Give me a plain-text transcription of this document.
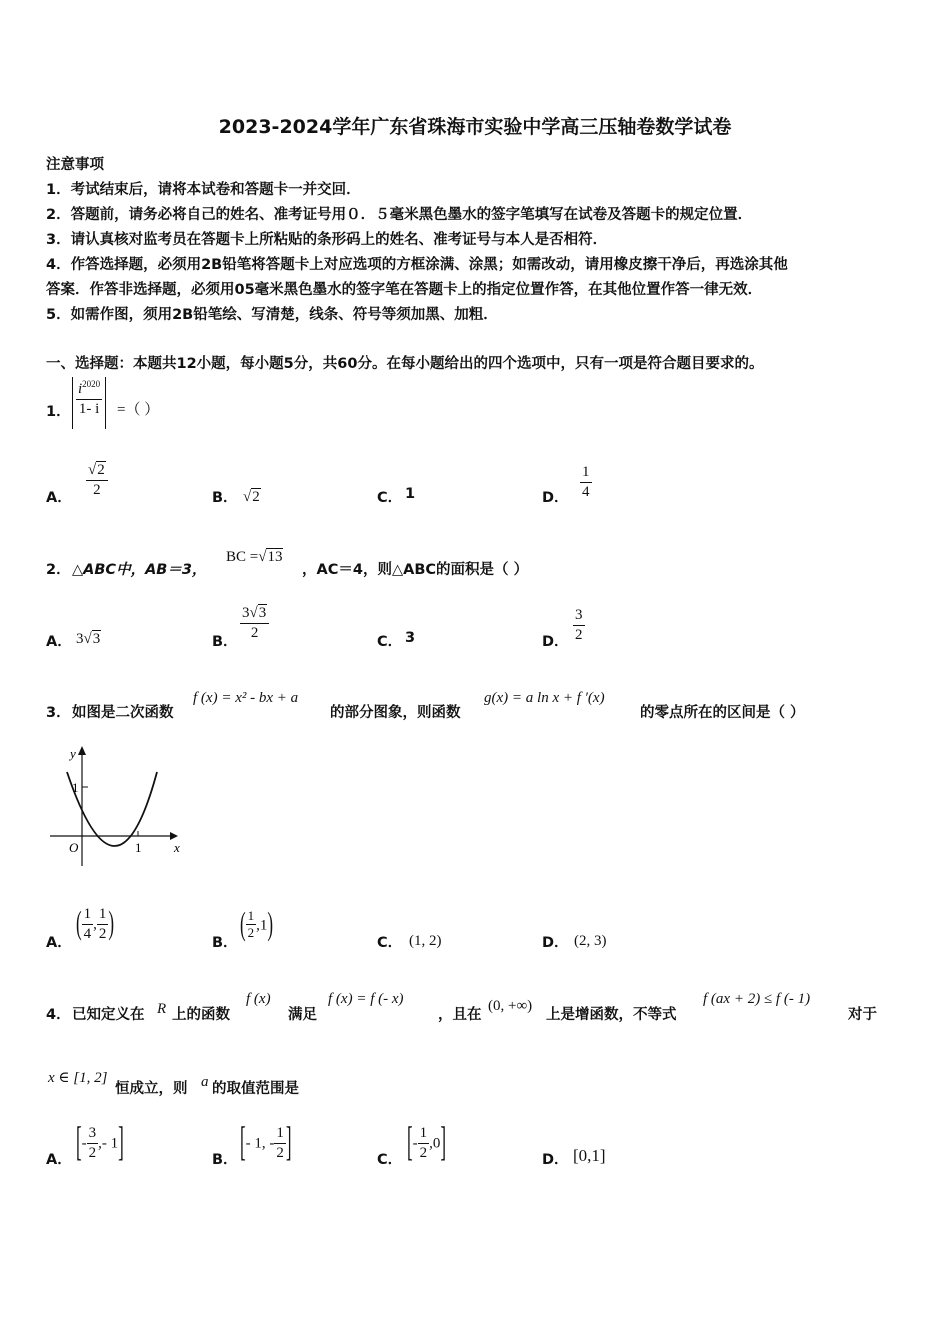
2023-2024学年广东省珠海市实验中学高三压轴卷数学试卷
注意事项
1．考试结束后，请将本试卷和答题卡一并交回．
2．答题前，请务必将自己的姓名、准考证号用０．５毫米黑色墨水的签字笔填写在试卷及答题卡的规定位置．
3．请认真核对监考员在答题卡上所粘贴的条形码上的姓名、准考证号与本人是否相符．
4．作答选择题，必须用2B铅笔将答题卡上对应选项的方框涂满、涂黑；如需改动，请用橡皮擦干净后，再选涂其他
答案．作答非选择题，必须用05毫米黑色墨水的签字笔在答题卡上的指定位置作答，在其他位置作答一律无效．
5．如需作图，须用2B铅笔绘、写清楚，线条、符号等须加黑、加粗．
一、选择题：本题共12小题，每小题5分，共60分。在每小题给出的四个选项中，只有一项是符合题目要求的。
1． $\frac{i^{2020}}{1- i}$ =（ ）
A． $\frac{√2}{2}$	B． √2	C． 1	D． $\frac{1}{4}$
2． △ABC中，AB＝3，
BC =√13
，AC＝4，则△ABC的面积是（ ）
A． 3√3	B．
$\frac{3√3}{2}$
C． 3	D． $\frac{3}{2}$
3． 如图是二次函数
f (x) = x² - bx + a
的部分图象，则函数
g(x) = a ln x + f ′(x)
的零点所在的区间是（ ）
y
x
O
1
1
A．
( $\frac{1}{4}$ , $\frac{1}{2}$ )
B．
( $\frac{1}{2} ,1$)
C． (1, 2)	D． (2, 3)
4． 已知定义在 R 上的函数
f (x)
满足
f (x) = f (- x)
，且在
(0, +∞)
上是增函数，不等式
f (ax + 2) ≤ f (- 1)
对于
x ∈ [1, 2]
恒成立，则 a 的取值范围是
A． [- $\frac{3}{2}$ ,- 1]	B． [- 1, - $\frac{1}{2}$ ]	C． [- $\frac{1}{2} ,0$]	D． [0,1]
